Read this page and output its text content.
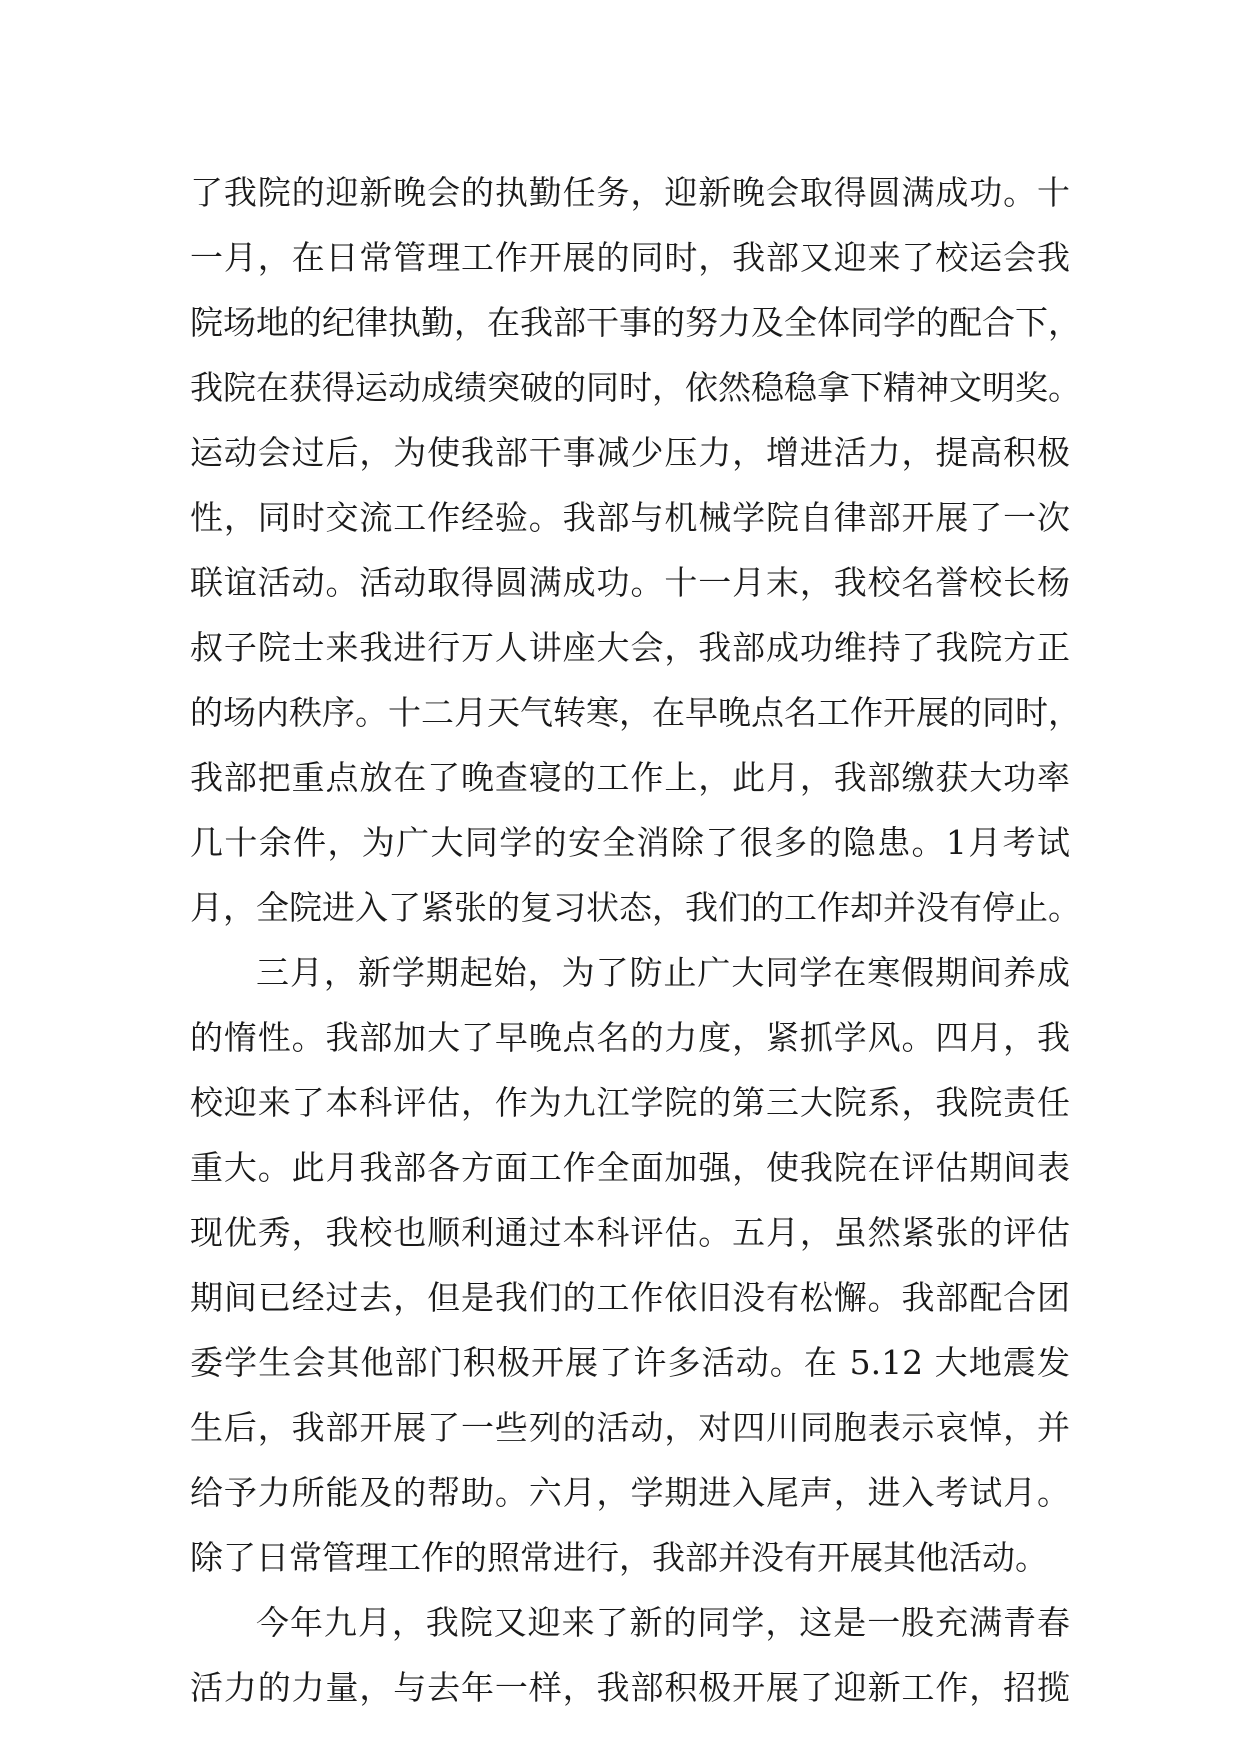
了我院的迎新晚会的执勤任务，迎新晚会取得圆满成功。十
一月，在日常管理工作开展的同时，我部又迎来了校运会我
院场地的纪律执勤，在我部干事的努力及全体同学的配合下，
我院在获得运动成绩突破的同时，依然稳稳拿下精神文明奖。
运动会过后，为使我部干事减少压力，增进活力，提高积极
性，同时交流工作经验。我部与机械学院自律部开展了一次
联谊活动。活动取得圆满成功。十一月末，我校名誉校长杨
叔子院士来我进行万人讲座大会，我部成功维持了我院方正
的场内秩序。十二月天气转寒，在早晚点名工作开展的同时，
我部把重点放在了晚查寝的工作上，此月，我部缴获大功率
几十余件，为广大同学的安全消除了很多的隐患。1月考试
月，全院进入了紧张的复习状态，我们的工作却并没有停止。
三月，新学期起始，为了防止广大同学在寒假期间养成
的惰性。我部加大了早晚点名的力度，紧抓学风。四月，我
校迎来了本科评估，作为九江学院的第三大院系，我院责任
重大。此月我部各方面工作全面加强，使我院在评估期间表
现优秀，我校也顺利通过本科评估。五月，虽然紧张的评估
期间已经过去，但是我们的工作依旧没有松懈。我部配合团
委学生会其他部门积极开展了许多活动。在 5.12 大地震发
生后，我部开展了一些列的活动，对四川同胞表示哀悼，并
给予力所能及的帮助。六月，学期进入尾声，进入考试月。
除了日常管理工作的照常进行，我部并没有开展其他活动。
今年九月，我院又迎来了新的同学，这是一股充满青春
活力的力量，与去年一样，我部积极开展了迎新工作，招揽
